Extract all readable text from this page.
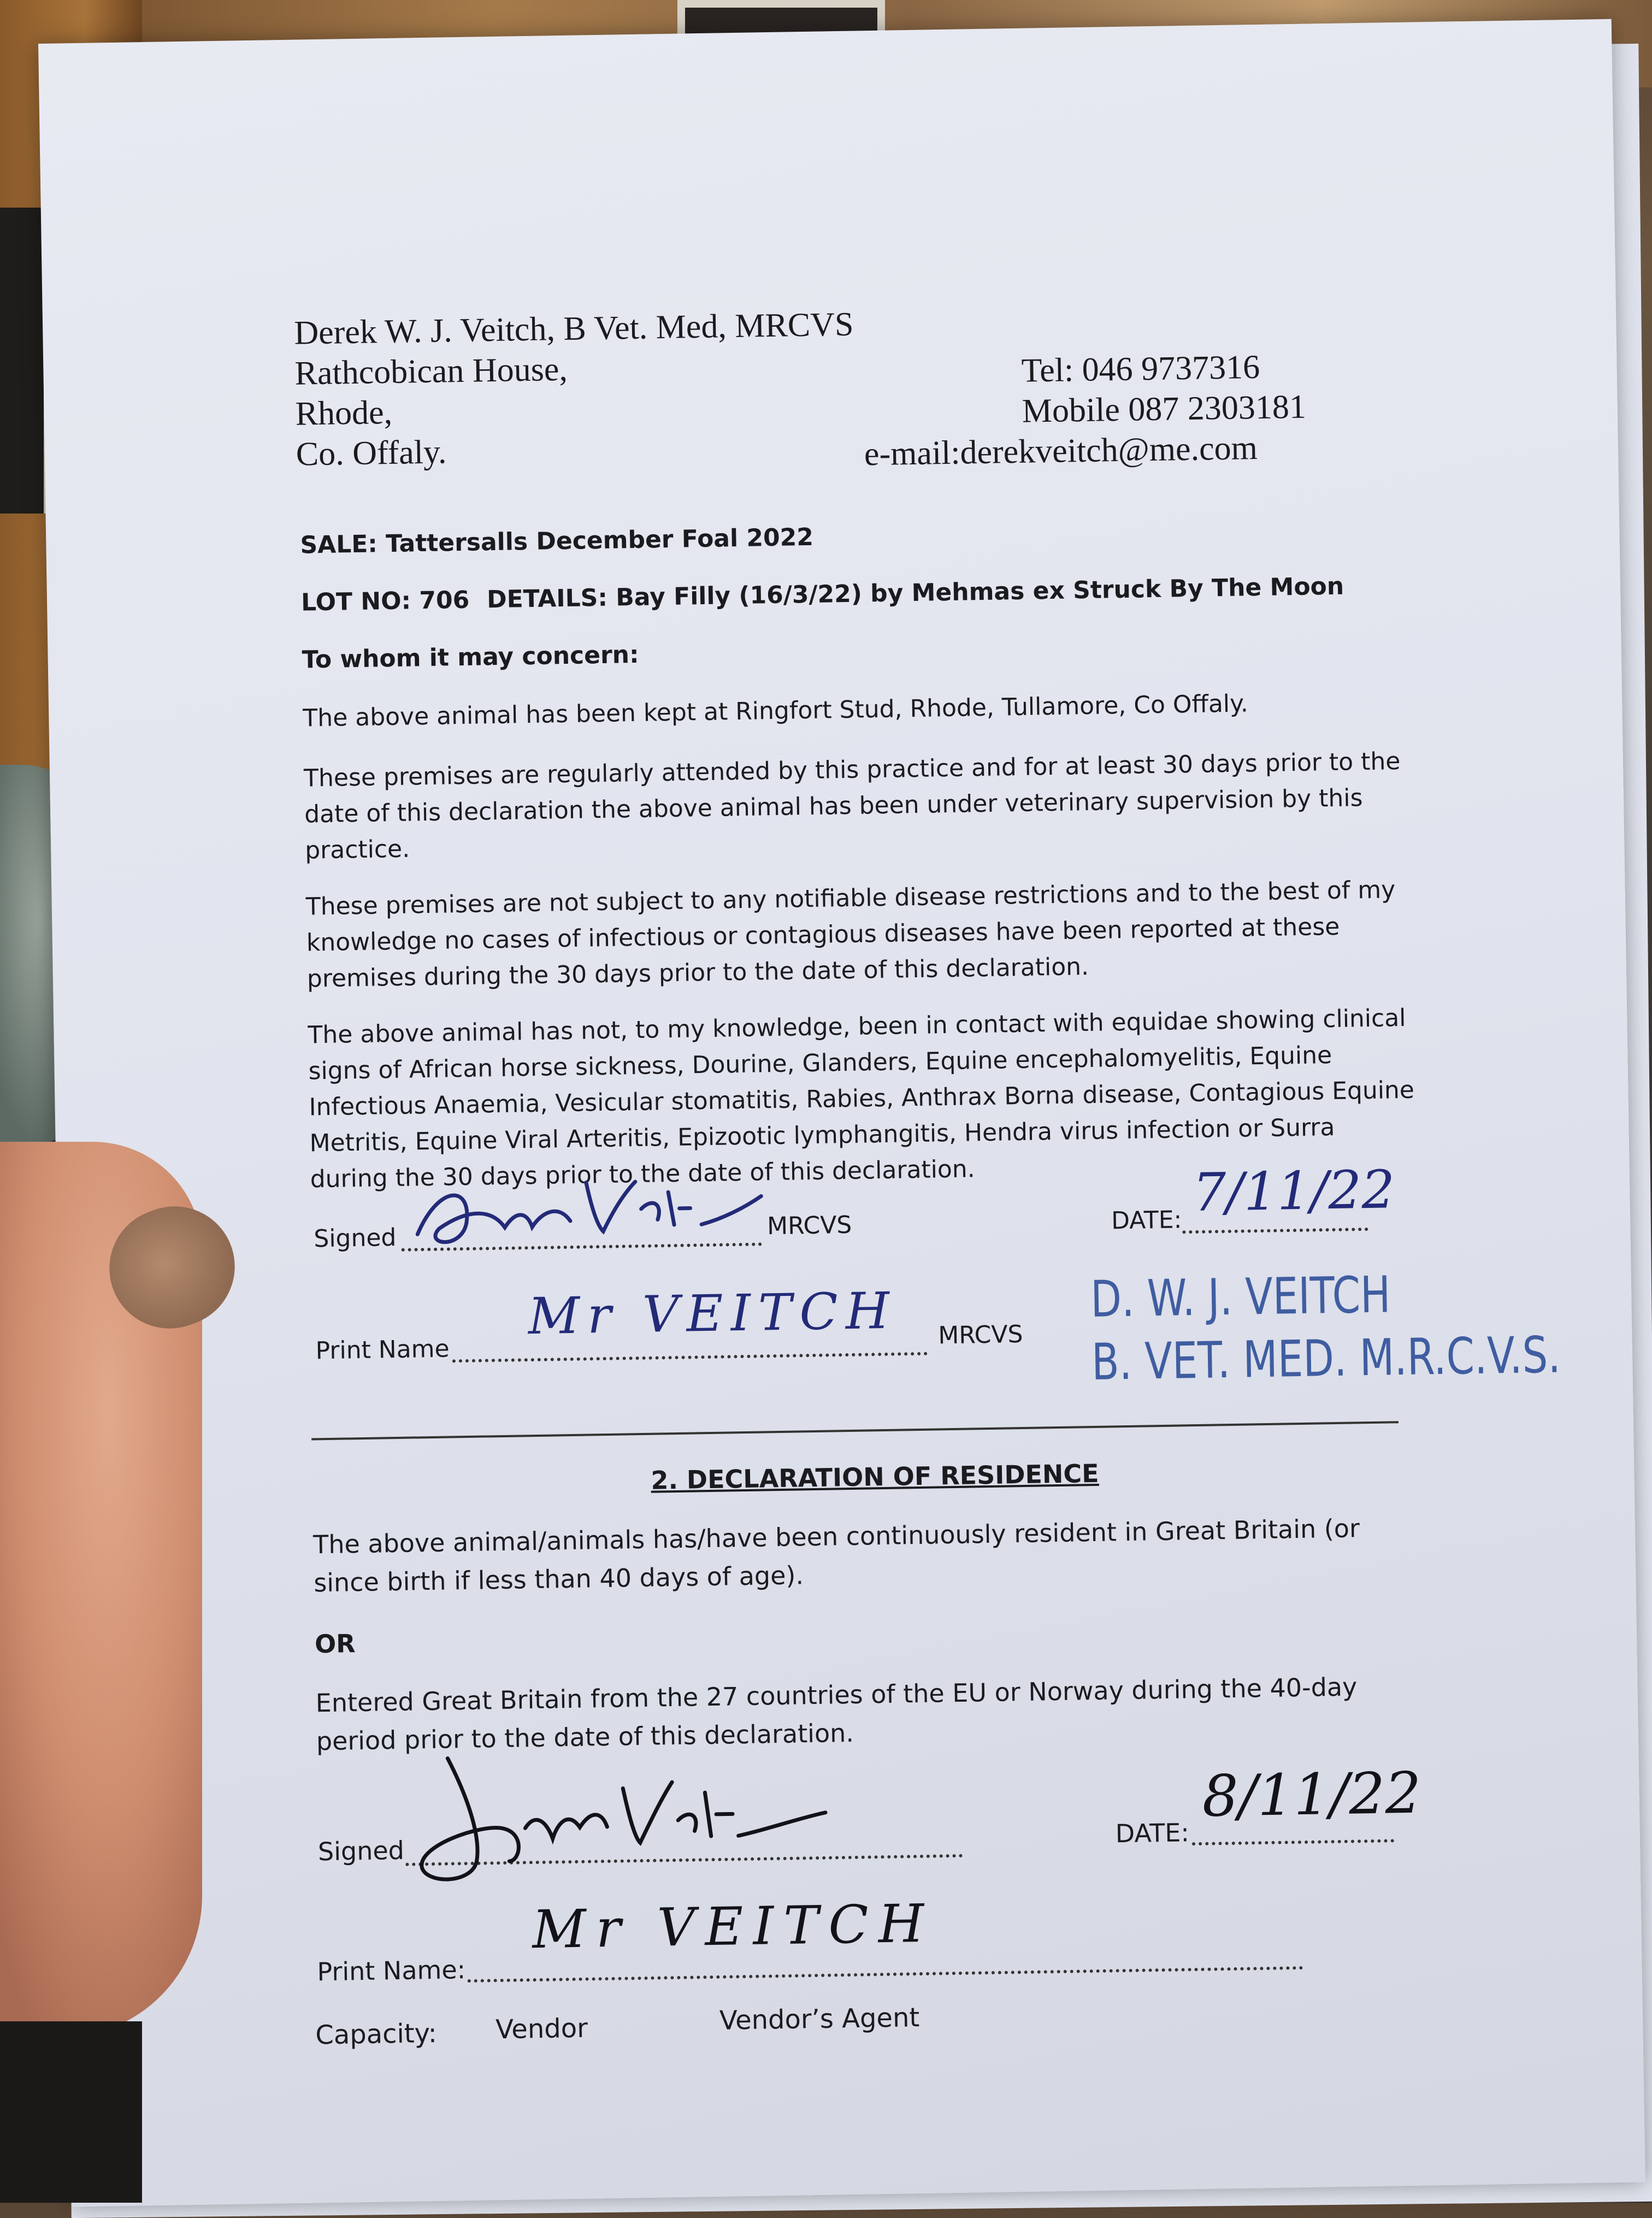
Derek W. J. Veitch, B Vet. Med, MRCVS
Rathcobican House,
Rhode,
Co. Offaly.
Tel: 046 9737316
Mobile 087 2303181
e-mail:derekveitch@me.com
SALE: Tattersalls December Foal 2022
LOT NO: 706 DETAILS: Bay Filly (16/3/22) by Mehmas ex Struck By The Moon
To whom it may concern:
The above animal has been kept at Ringfort Stud, Rhode, Tullamore, Co Offaly.
These premises are regularly attended by this practice and for at least 30 days prior to the date of this declaration the above animal has been under veterinary supervision by this practice.
These premises are not subject to any notifiable disease restrictions and to the best of my knowledge no cases of infectious or contagious diseases have been reported at these premises during the 30 days prior to the date of this declaration.
The above animal has not, to my knowledge, been in contact with equidae showing clinical signs of African horse sickness, Dourine, Glanders, Equine encephalomyelitis, Equine Infectious Anaemia, Vesicular stomatitis, Rabies, Anthrax Borna disease, Contagious Equine Metritis, Equine Viral Arteritis, Epizootic lymphangitis, Hendra virus infection or Surra during the 30 days prior to the date of this declaration.
Signed	MRCVS	DATE: 7/11/22
Print Name
Mr VEITCH MRCVS
D. W. J. VEITCH
B. VET. MED. M.R.C.V.S.
2. DECLARATION OF RESIDENCE
The above animal/animals has/have been continuously resident in Great Britain (or since birth if less than 40 days of age).
OR
Entered Great Britain from the 27 countries of the EU or Norway during the 40-day period prior to the date of this declaration.
Signed
DATE:
8/11/22
Print Name:
Mr VEITCH
Capacity: Vendor	Vendor’s Agent
